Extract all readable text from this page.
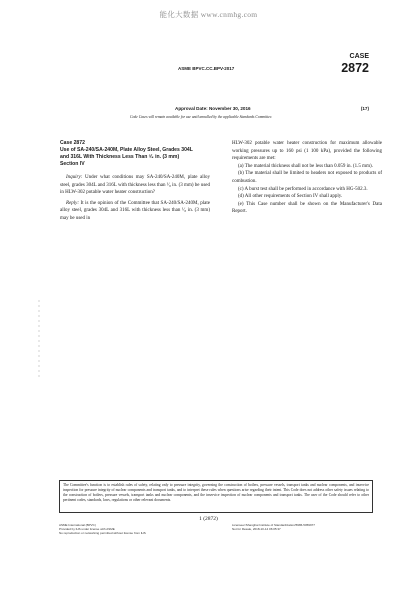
能化大数据 www.cnmhg.com
CASE
2872
ASME BPVC.CC.BPV-2017
Approval Date: November 30, 2016	(17)
Code Cases will remain available for use until annulled by the applicable Standards Committee.
Case 2872
Use of SA-240/SA-240M, Plate Alloy Steel, Grades 304L
and 316L With Thickness Less Than ³⁄₈ in. (3 mm)
Section IV

Inquiry: Under what conditions may SA-240/SA-240M, plate alloy steel, grades 304L and 316L with thickness less than ¹⁄₈ in. (3 mm) be used in HLW-302 potable water heater construction?

Reply: It is the opinion of the Committee that SA-240/SA-240M, plate alloy steel, grades 304L and 316L with thickness less than ¹⁄₈ in. (3 mm) may be used in

HLW-302 potable water heater construction for maximum allowable working pressures up to 160 psi (1 100 kPa), provided the following requirements are met:

(a) The material thickness shall not be less than 0.059 in. (1.5 mm).

(b) The material shall be limited to headers not exposed to products of combustion.

(c) A burst test shall be performed in accordance with HG-502.3.

(d) All other requirements of Section IV shall apply.

(e) This Case number shall be shown on the Manufacturer's Data Report.

The Committee's function is to establish rules of safety, relating only to pressure integrity, governing the construction of boilers, pressure vessels, transport tanks and nuclear components, and inservice inspection for pressure integrity of nuclear components and transport tanks, and to interpret these rules when questions arise regarding their intent. This Code does not address other safety issues relating to the construction of boilers, pressure vessels, transport tanks and nuclear components, and the inservice inspection of nuclear components and transport tanks. The user of the Code should refer to other pertinent codes, standards, laws, regulations or other relevant documents.
1 (2872)
ASME International (BPVC)
Provided by IHS under license with ASME
No reproduction or networking permitted without license from IHS
Licensee=Shanghai Institute of Standardization/5986-5059977
Not for Resale, 2018-10-14 06:05:37
